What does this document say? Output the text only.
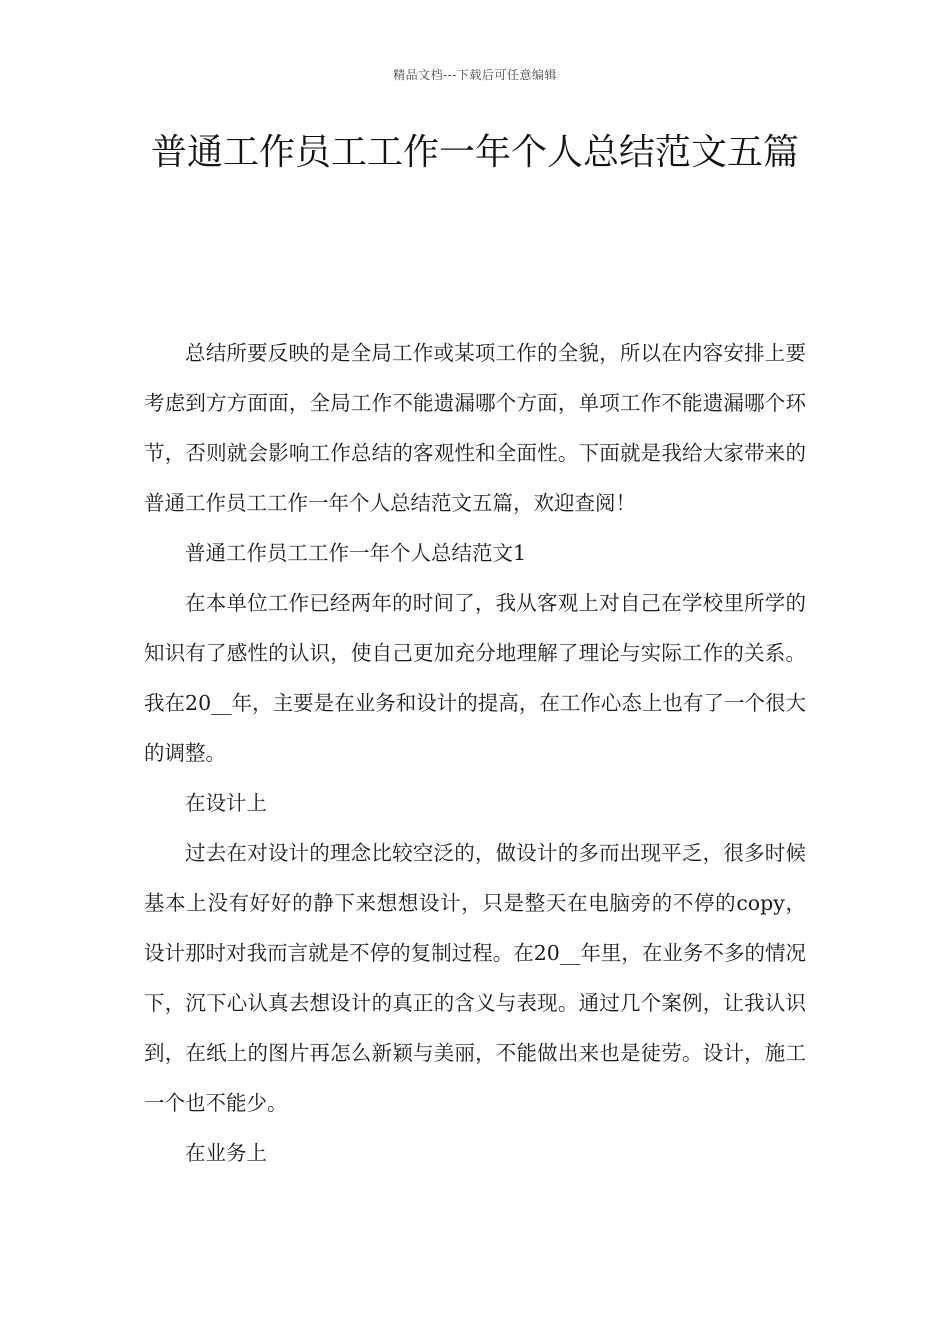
精品文档---下载后可任意编辑
普通工作员工工作一年个人总结范文五篇

总结所要反映的是全局工作或某项工作的全貌，所以在内容安排上要考虑到方方面面，全局工作不能遗漏哪个方面，单项工作不能遗漏哪个环节，否则就会影响工作总结的客观性和全面性。下面就是我给大家带来的普通工作员工工作一年个人总结范文五篇，欢迎查阅！

普通工作员工工作一年个人总结范文1

在本单位工作已经两年的时间了，我从客观上对自己在学校里所学的知识有了感性的认识，使自己更加充分地理解了理论与实际工作的关系。我在20__年，主要是在业务和设计的提高，在工作心态上也有了一个很大的调整。

在设计上

过去在对设计的理念比较空泛的，做设计的多而出现平乏，很多时候基本上没有好好的静下来想想设计，只是整天在电脑旁的不停的copy，设计那时对我而言就是不停的复制过程。在20__年里，在业务不多的情况下，沉下心认真去想设计的真正的含义与表现。通过几个案例，让我认识到，在纸上的图片再怎么新颖与美丽，不能做出来也是徒劳。设计，施工一个也不能少。

在业务上
